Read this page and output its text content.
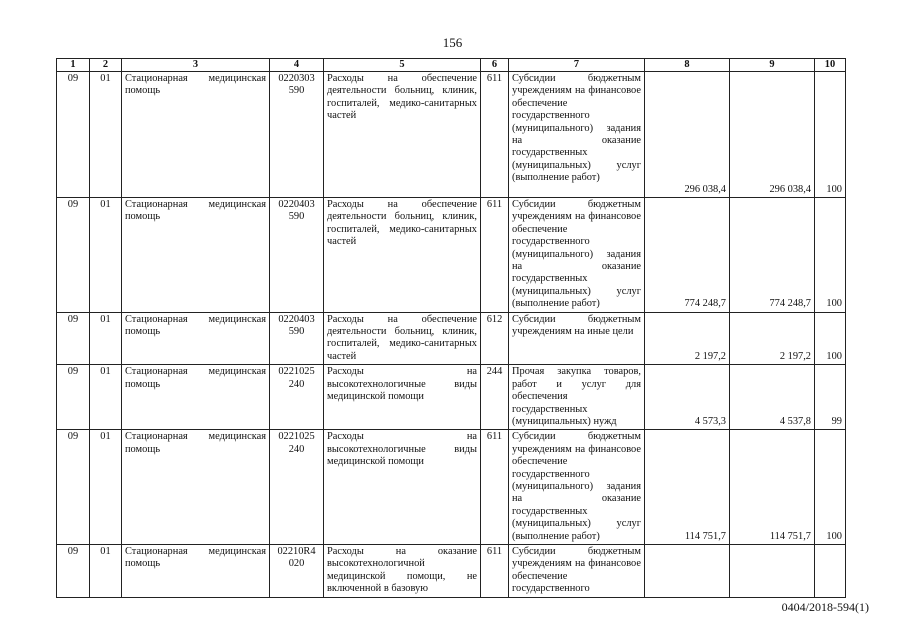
156
1	2	3	4	5	6	7	8	9	10
09	01	Стационарная медицинская помощь	0220303 590	Расходы на обеспечение деятельности больниц, клиник, госпиталей, медико-санитарных частей	611	Субсидии бюджетным учреждениям на финансовое обеспечение государственного (муниципального) задания на оказание государственных (муниципальных) услуг (выполнение работ)	296 038,4	296 038,4	100
09	01	Стационарная медицинская помощь	0220403 590	Расходы на обеспечение деятельности больниц, клиник, госпиталей, медико-санитарных частей	611	Субсидии бюджетным учреждениям на финансовое обеспечение государственного (муниципального) задания на оказание государственных (муниципальных) услуг (выполнение работ)	774 248,7	774 248,7	100
09	01	Стационарная медицинская помощь	0220403 590	Расходы на обеспечение деятельности больниц, клиник, госпиталей, медико-санитарных частей	612	Субсидии бюджетным учреждениям на иные цели	2 197,2	2 197,2	100
09	01	Стационарная медицинская помощь	0221025 240	Расходы на высокотехнологичные виды медицинской помощи	244	Прочая закупка товаров, работ и услуг для обеспечения государственных (муниципальных) нужд	4 573,3	4 537,8	99
09	01	Стационарная медицинская помощь	0221025 240	Расходы на высокотехнологичные виды медицинской помощи	611	Субсидии бюджетным учреждениям на финансовое обеспечение государственного (муниципального) задания на оказание государственных (муниципальных) услуг (выполнение работ)	114 751,7	114 751,7	100
09	01	Стационарная медицинская помощь	02210R4 020	Расходы на оказание высокотехнологичной медицинской помощи, не включенной в базовую	611	Субсидии бюджетным учреждениям на финансовое обеспечение государственного			
0404/2018-594(1)
